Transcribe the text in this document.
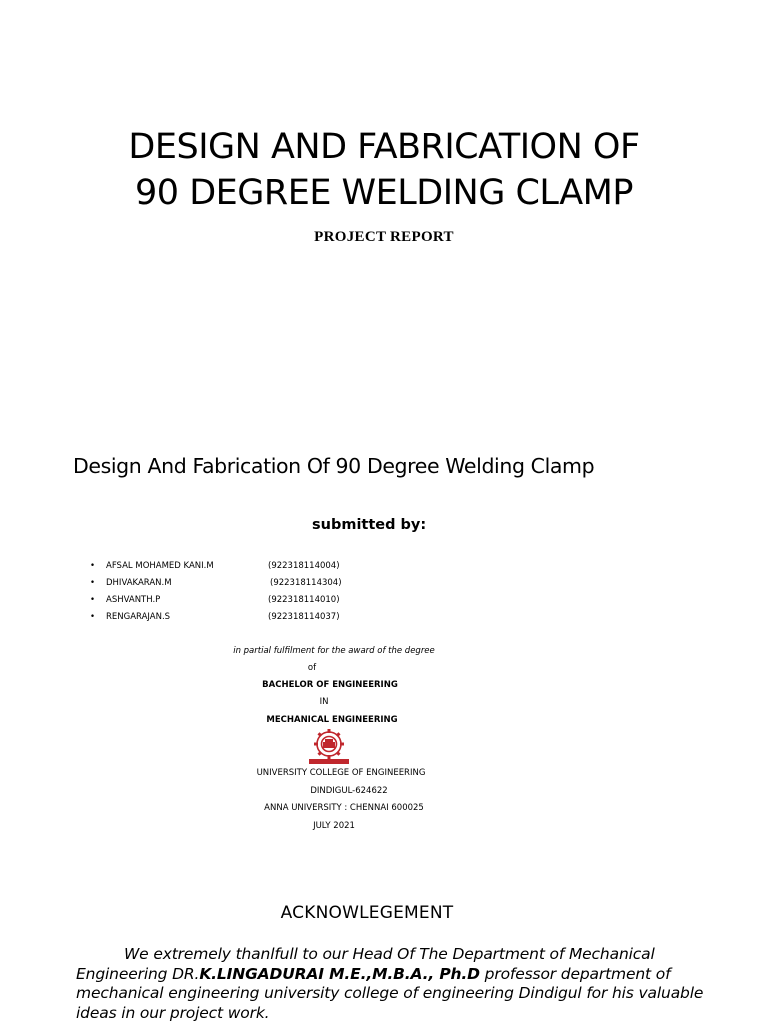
DESIGN AND FABRICATION OF
90 DEGREE WELDING CLAMP
PROJECT REPORT
Design And Fabrication Of 90 Degree Welding Clamp
submitted by:
• AFSAL MOHAMED KANI.M	(922318114004)
• DHIVAKARAN.M	(922318114304)
• ASHVANTH.P	(922318114010)
• RENGARAJAN.S	(922318114037)
in partial fulfilment for the award of the degree
of
BACHELOR OF ENGINEERING
IN
MECHANICAL ENGINEERING
UNIVERSITY COLLEGE OF ENGINEERING
DINDIGUL-624622
ANNA UNIVERSITY : CHENNAI 600025
JULY 2021
ACKNOWLEGEMENT
We extremely thanlfull to our Head Of The Department of Mechanical Engineering DR.K.LINGADURAI M.E.,M.B.A., Ph.D professor department of mechanical engineering university college of engineering Dindigul for his valuable ideas in our project work.
